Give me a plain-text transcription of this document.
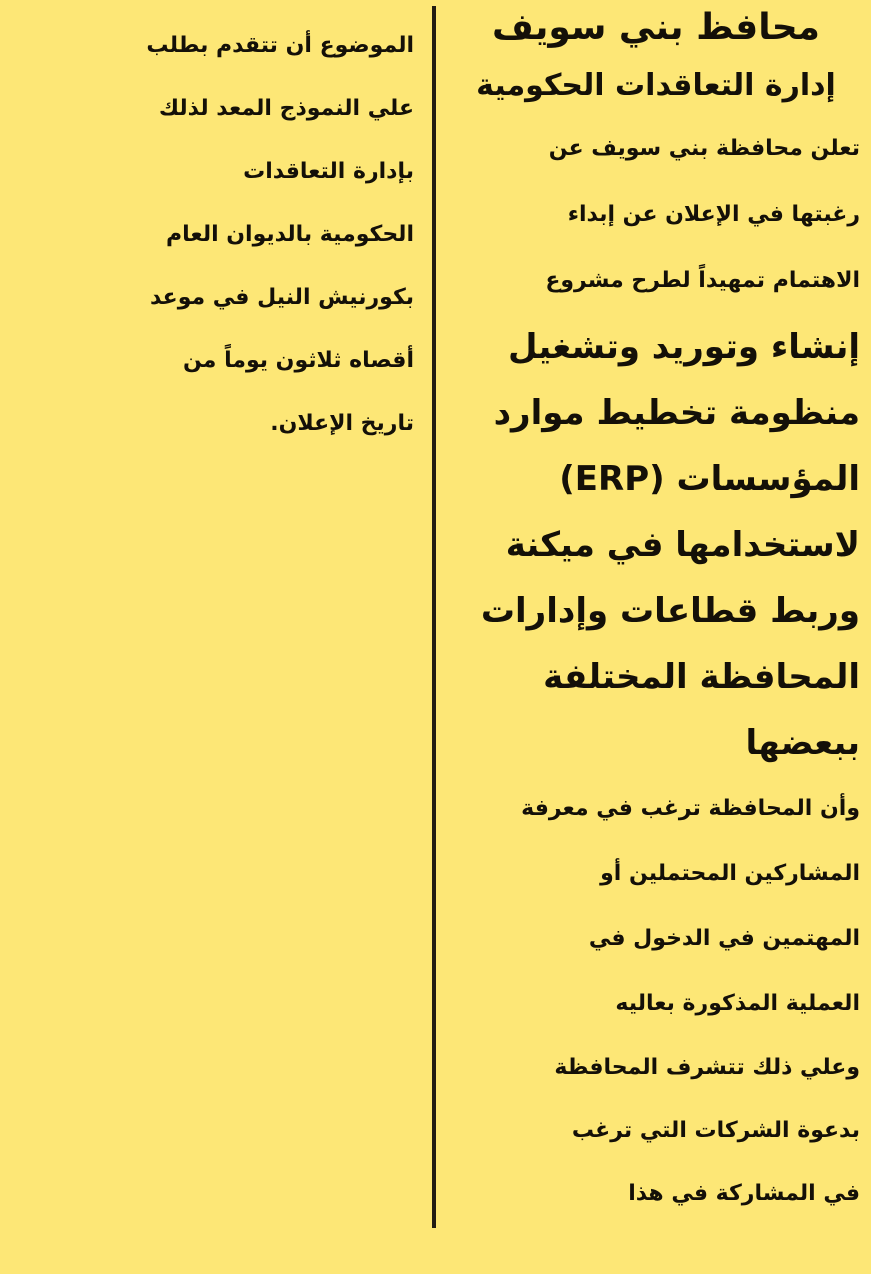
محافظ بني سويف
إدارة التعاقدات الحكومية
تعلن محافظة بني سويف عن
رغبتها في الإعلان عن إبداء
الاهتمام تمهيداً لطرح مشروع
إنشاء وتوريد وتشغيل
منظومة تخطيط موارد
المؤسسات (ERP)
لاستخدامها في ميكنة
وربط قطاعات وإدارات
المحافظة المختلفة
ببعضها
وأن المحافظة ترغب في معرفة
المشاركين المحتملين أو
المهتمين في الدخول في
العملية المذكورة بعاليه
وعلي ذلك تتشرف المحافظة
بدعوة الشركات التي ترغب
في المشاركة في هذا
الموضوع أن تتقدم بطلب
علي النموذج المعد لذلك
بإدارة التعاقدات
الحكومية بالديوان العام
بكورنيش النيل في موعد
أقصاه ثلاثون يوماً من
تاريخ الإعلان.
